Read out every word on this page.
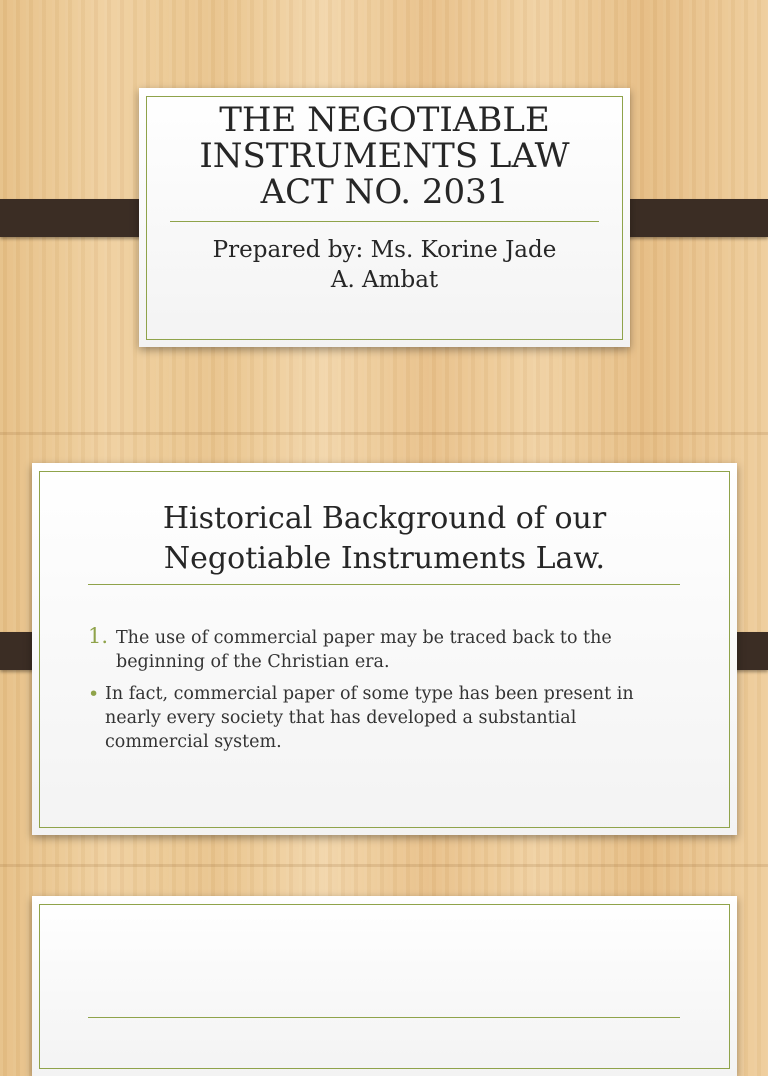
THE NEGOTIABLE
INSTRUMENTS LAW
ACT NO. 2031
Prepared by: Ms. Korine Jade
A. Ambat
Historical Background of our
Negotiable Instruments Law.
1. The use of commercial paper may be traced back to the beginning of the Christian era.
• In fact, commercial paper of some type has been present in nearly every society that has developed a substantial commercial system.
